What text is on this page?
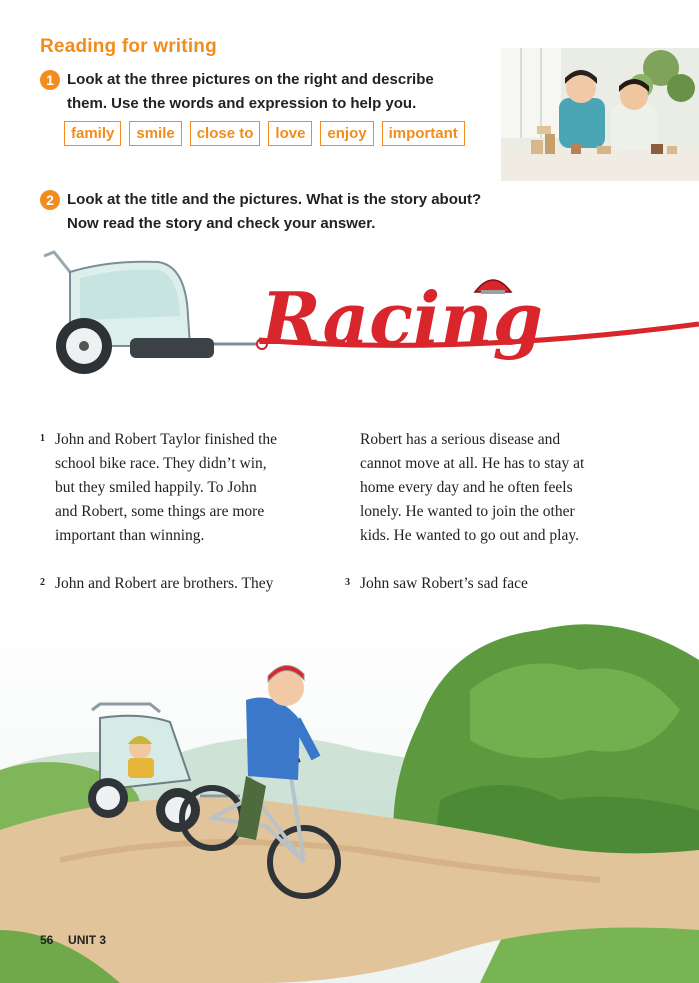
Reading for writing
1 Look at the three pictures on the right and describe
them. Use the words and expression to help you.
family	smile	close to	love	enjoy	important
2 Look at the title and the pictures. What is the story about?
Now read the story and check your answer.
Racing
1 John and Robert Taylor finished the
school bike race. They didn’t win,
but they smiled happily. To John
and Robert, some things are more
important than winning.
2 John and Robert are brothers. They
Robert has a serious disease and
cannot move at all. He has to stay at
home every day and he often feels
lonely. He wanted to join the other
kids. He wanted to go out and play.
3 John saw Robert’s sad face
56 UNIT 3
